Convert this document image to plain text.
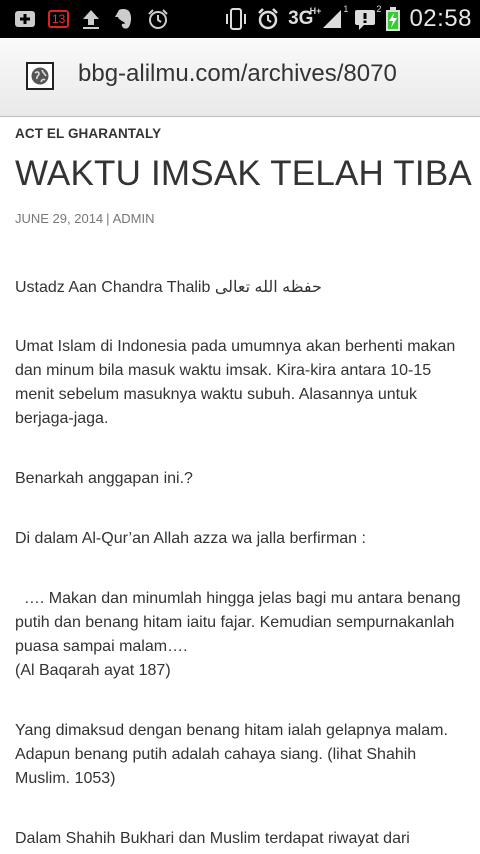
13	3G
H+ 1	2 02:58
bbg-alilmu.com/archives/8070
ACT EL GHARANTALY
WAKTU IMSAK TELAH TIBA
JUNE 29, 2014 | ADMIN

Ustadz Aan Chandra Thalib حفظه الله تعالى

Umat Islam di Indonesia pada umumnya akan berhenti makan dan minum bila masuk waktu imsak. Kira-kira antara 10-15 menit sebelum masuknya waktu subuh. Alasannya untuk berjaga-jaga.

Benarkah anggapan ini.?

Di dalam Al-Qur’an Allah azza wa jalla berfirman :

…. Makan dan minumlah hingga jelas bagi mu antara benang putih dan benang hitam iaitu fajar. Kemudian sempurnakanlah puasa sampai malam….

(Al Baqarah ayat 187)

Yang dimaksud dengan benang hitam ialah gelapnya malam. Adapun benang putih adalah cahaya siang. (lihat Shahih Muslim. 1053)

Dalam Shahih Bukhari dan Muslim terdapat riwayat dari
